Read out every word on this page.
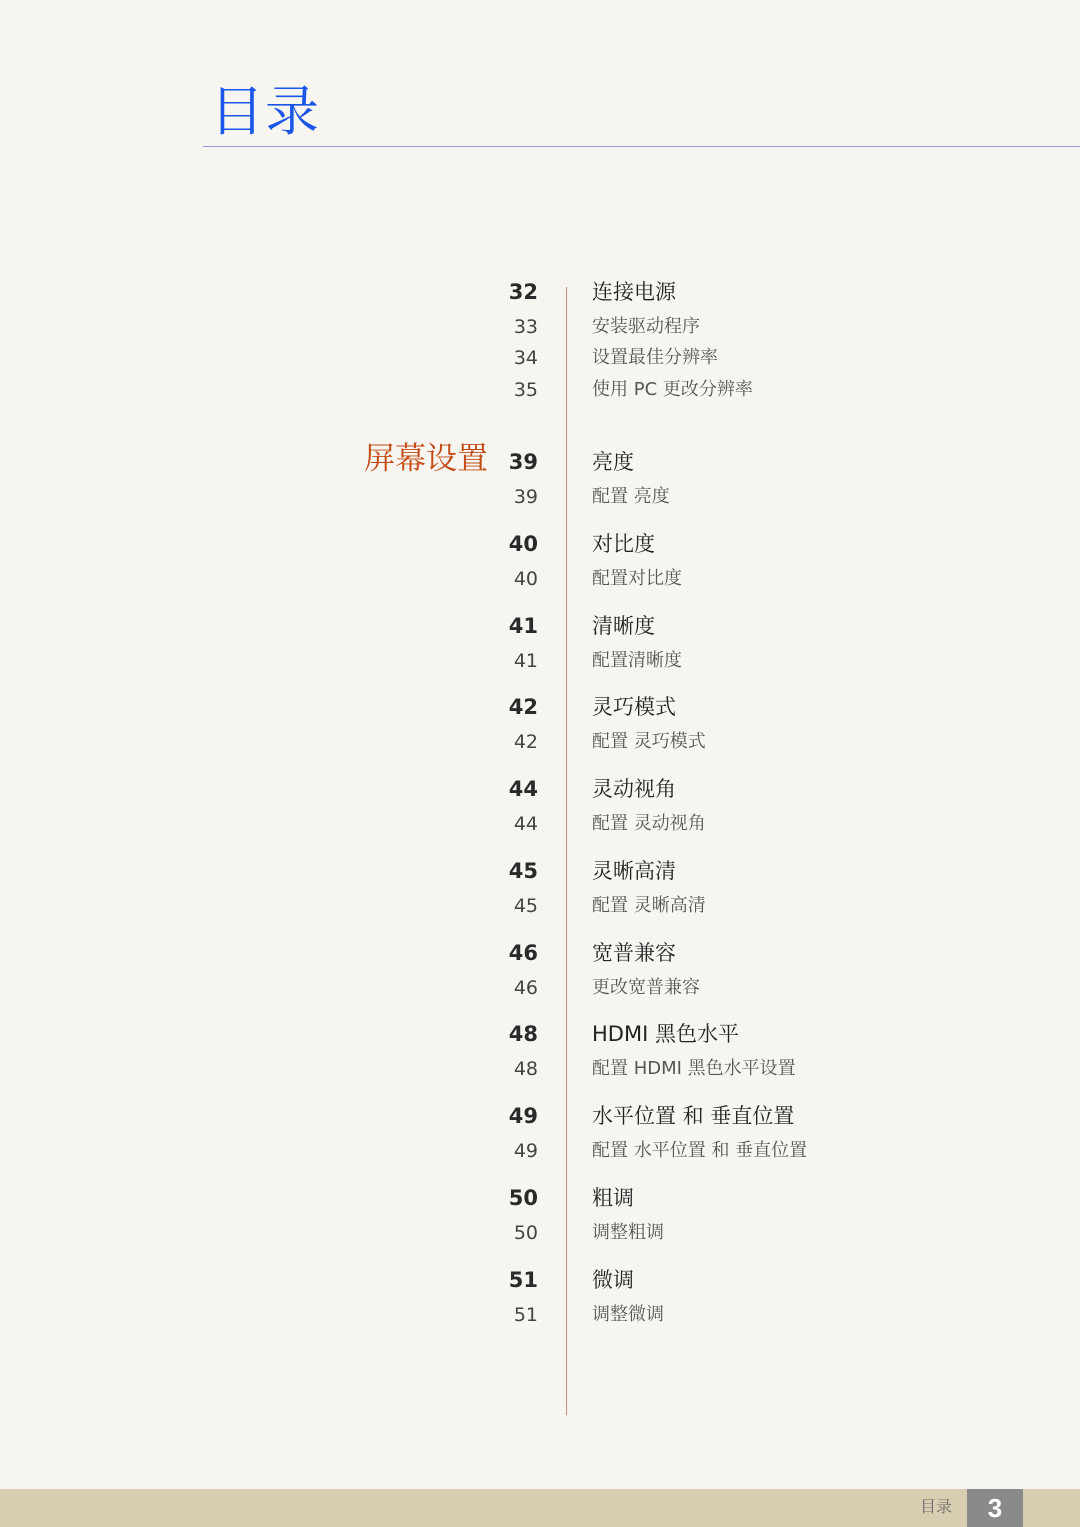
目录
屏幕设置
32	连接电源
33	安装驱动程序
34	设置最佳分辨率
35	使用 PC 更改分辨率
39	亮度
39	配置 亮度
40	对比度
40	配置对比度
41	清晰度
41	配置清晰度
42	灵巧模式
42	配置 灵巧模式
44	灵动视角
44	配置 灵动视角
45	灵晰高清
45	配置 灵晰高清
46	宽普兼容
46	更改宽普兼容
48	HDMI 黑色水平
48	配置 HDMI 黑色水平设置
49	水平位置 和 垂直位置
49	配置 水平位置 和 垂直位置
50	粗调
50	调整粗调
51	微调
51	调整微调
目录	3
